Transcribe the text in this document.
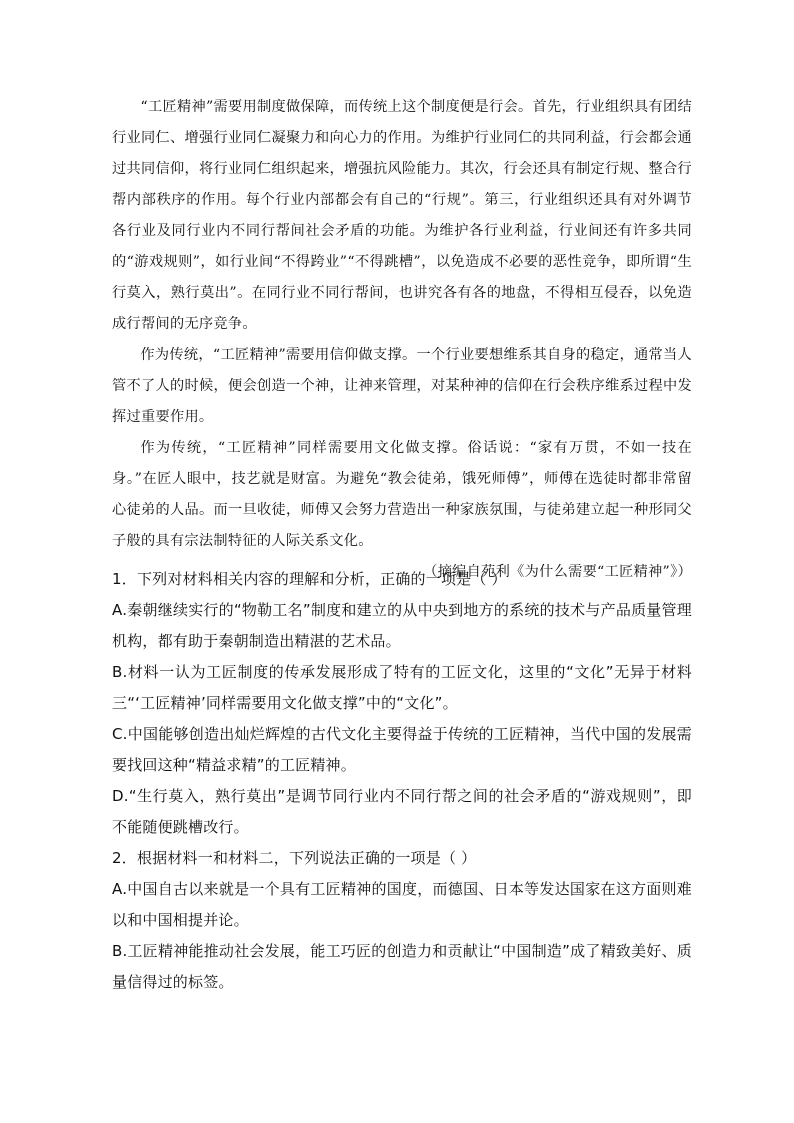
“工匠精神”需要用制度做保障，而传统上这个制度便是行会。首先，行业组织具有团结行业同仁、增强行业同仁凝聚力和向心力的作用。为维护行业同仁的共同利益，行会都会通过共同信仰，将行业同仁组织起来，增强抗风险能力。其次，行会还具有制定行规、整合行帮内部秩序的作用。每个行业内部都会有自己的“行规”。第三，行业组织还具有对外调节各行业及同行业内不同行帮间社会矛盾的功能。为维护各行业利益，行业间还有许多共同的“游戏规则”，如行业间“不得跨业”“不得跳槽”，以免造成不必要的恶性竞争，即所谓“生行莫入，熟行莫出”。在同行业不同行帮间，也讲究各有各的地盘，不得相互侵吞，以免造成行帮间的无序竞争。

作为传统，“工匠精神”需要用信仰做支撑。一个行业要想维系其自身的稳定，通常当人管不了人的时候，便会创造一个神，让神来管理，对某种神的信仰在行会秩序维系过程中发挥过重要作用。

作为传统，“工匠精神”同样需要用文化做支撑。俗话说：“家有万贯，不如一技在身。”在匠人眼中，技艺就是财富。为避免“教会徒弟，饿死师傅”，师傅在选徒时都非常留心徒弟的人品。而一旦收徒，师傅又会努力营造出一种家族氛围，与徒弟建立起一种形同父子般的具有宗法制特征的人际关系文化。

（摘编自苑利《为什么需要“工匠精神”》）

1．下列对材料相关内容的理解和分析，正确的一项是（ ）

A.秦朝继续实行的“物勒工名”制度和建立的从中央到地方的系统的技术与产品质量管理机构，都有助于秦朝制造出精湛的艺术品。

B.材料一认为工匠制度的传承发展形成了特有的工匠文化，这里的“文化”无异于材料三“‘工匠精神’同样需要用文化做支撑”中的“文化”。

C.中国能够创造出灿烂辉煌的古代文化主要得益于传统的工匠精神，当代中国的发展需要找回这种“精益求精”的工匠精神。

D.“生行莫入，熟行莫出”是调节同行业内不同行帮之间的社会矛盾的“游戏规则”，即不能随便跳槽改行。

2．根据材料一和材料二，下列说法正确的一项是（ ）

A.中国自古以来就是一个具有工匠精神的国度，而德国、日本等发达国家在这方面则难以和中国相提并论。

B.工匠精神能推动社会发展，能工巧匠的创造力和贡献让“中国制造”成了精致美好、质量信得过的标签。
